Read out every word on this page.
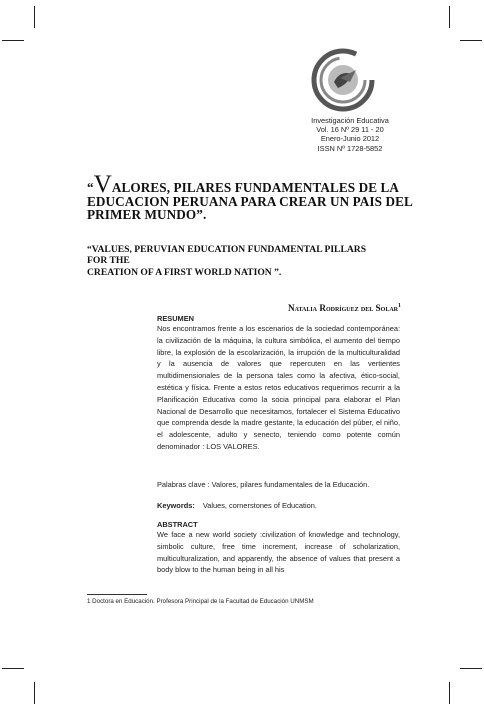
Investigación Educativa
Vol. 16 Nº 29 11 - 20
Enero-Junio 2012
ISSN Nº 1728-5852
“VALORES, PILARES FUNDAMENTALES DE LA EDUCACION PERUANA PARA CREAR UN PAIS DEL PRIMER MUNDO”.
“VALUES, PERUVIAN EDUCATION FUNDAMENTAL PILLARS
FOR THE
CREATION OF A FIRST WORLD NATION ”.
Natalia Rodríguez del Solar$^1$
RESUMEN
Nos encontramos frente a los escenarios de la sociedad contemporánea: la civilización de la máquina, la cultura simbólica, el aumento del tiempo libre, la explosión de la escolarización, la irrupción de la multiculturalidad y la ausencia de valores que repercuten en las vertientes multidimensionales de la persona tales como la afectiva, ético-social, estética y física. Frente a estos retos educativos requerimos recurrir a la Planificación Educativa como la socia principal para elaborar el Plan Nacional de Desarrollo que necesitamos, fortalecer el Sistema Educativo que comprenda desde la madre gestante, la educación del púber, el niño, el adolescente, adulto y senecto, teniendo como potente común denominador : LOS VALORES.
Palabras clave : Valores, pilares fundamentales de la Educación.
Keywords: Values, cornerstones of Education.
ABSTRACT
We face a new world society :civilization of knowledge and technology, simbolic culture, free time increment, increase of scholarization, multiculturalization, and apparently, the absence of values that present a body blow to the human being in all his
1 Doctora en Educación. Profesora Principal de la Facultad de Educación UNMSM
